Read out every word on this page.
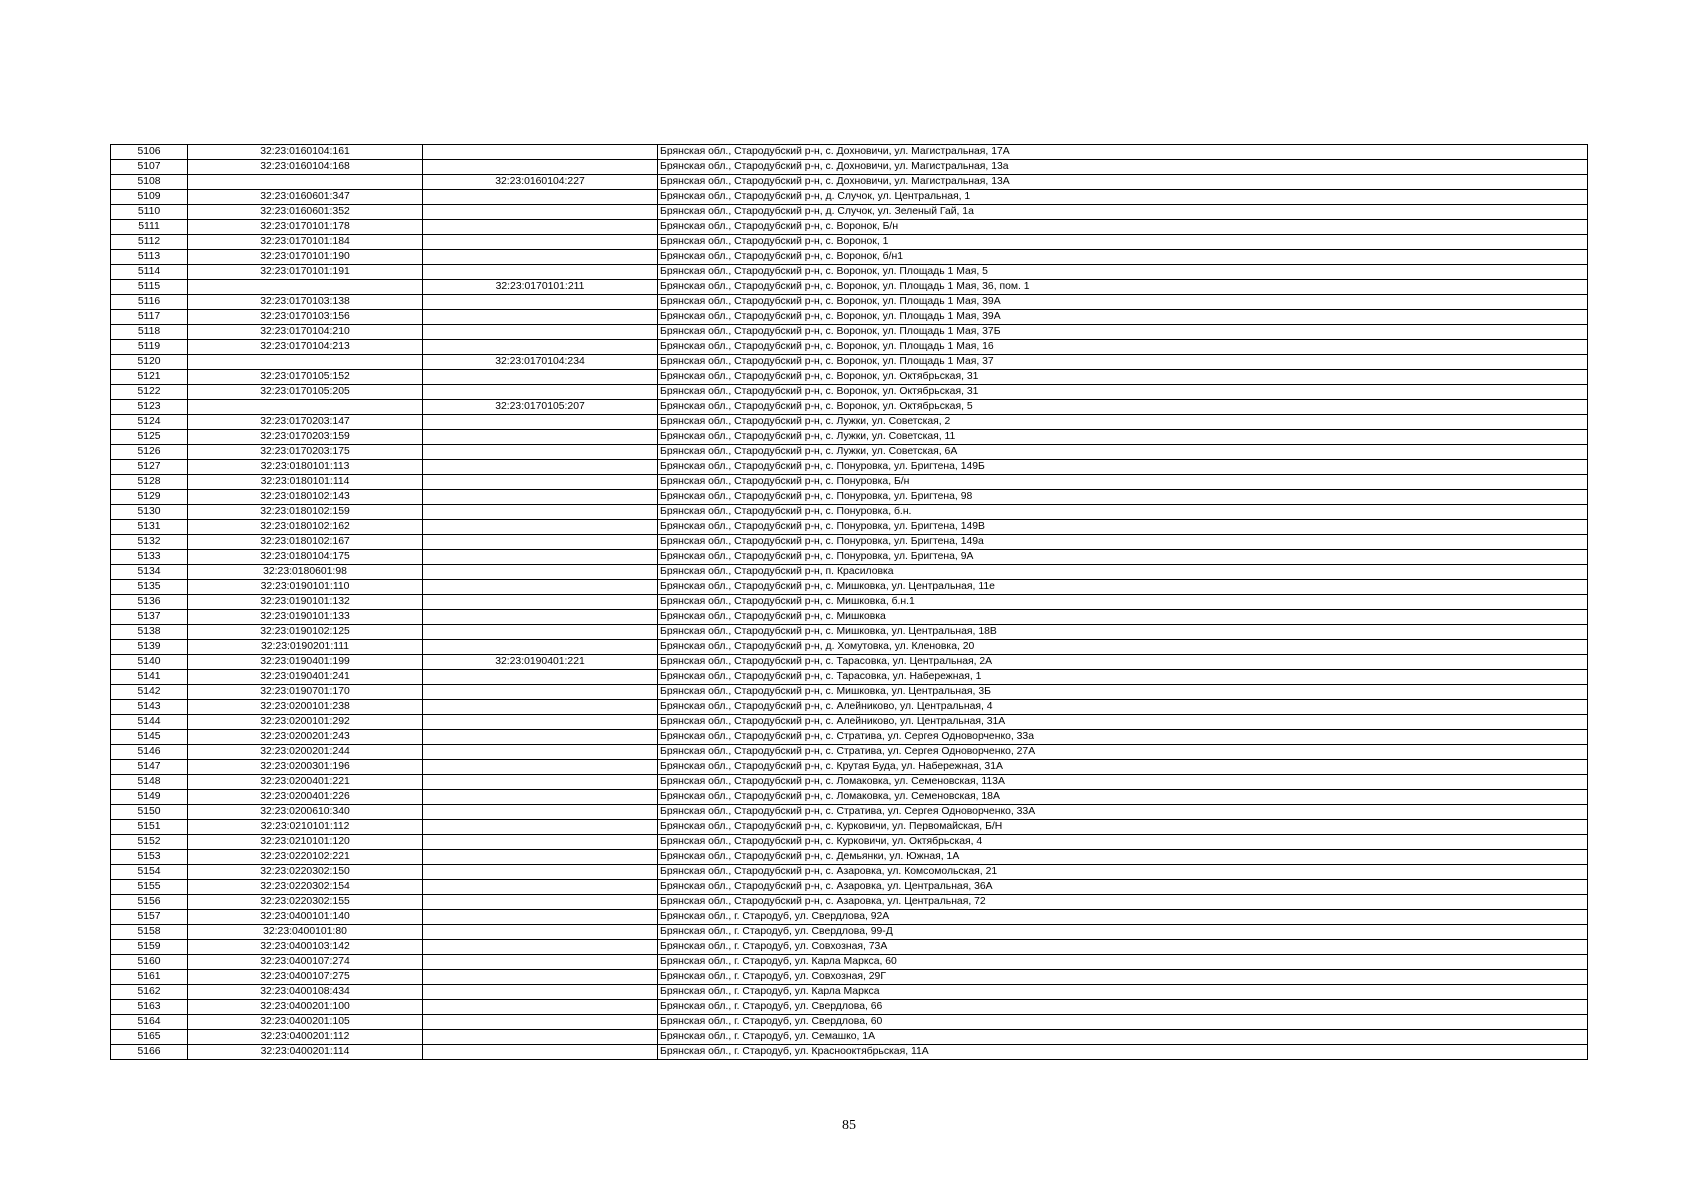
5106	32:23:0160104:161		Брянская обл., Стародубский р-н, с. Дохновичи, ул. Магистральная, 17А
5107	32:23:0160104:168		Брянская обл., Стародубский р-н, с. Дохновичи, ул. Магистральная, 13а
5108		32:23:0160104:227	Брянская обл., Стародубский р-н, с. Дохновичи, ул. Магистральная, 13А
5109	32:23:0160601:347		Брянская обл., Стародубский р-н, д. Случок, ул. Центральная, 1
5110	32:23:0160601:352		Брянская обл., Стародубский р-н, д. Случок, ул. Зеленый Гай, 1а
5111	32:23:0170101:178		Брянская обл., Стародубский р-н, с. Воронок, Б/н
5112	32:23:0170101:184		Брянская обл., Стародубский р-н, с. Воронок, 1
5113	32:23:0170101:190		Брянская обл., Стародубский р-н, с. Воронок, б/н1
5114	32:23:0170101:191		Брянская обл., Стародубский р-н, с. Воронок, ул. Площадь 1 Мая, 5
5115		32:23:0170101:211	Брянская обл., Стародубский р-н, с. Воронок, ул. Площадь 1 Мая, 36, пом. 1
5116	32:23:0170103:138		Брянская обл., Стародубский р-н, с. Воронок, ул. Площадь 1 Мая, 39А
5117	32:23:0170103:156		Брянская обл., Стародубский р-н, с. Воронок, ул. Площадь 1 Мая, 39А
5118	32:23:0170104:210		Брянская обл., Стародубский р-н, с. Воронок, ул. Площадь 1 Мая, 37Б
5119	32:23:0170104:213		Брянская обл., Стародубский р-н, с. Воронок, ул. Площадь 1 Мая, 16
5120		32:23:0170104:234	Брянская обл., Стародубский р-н, с. Воронок, ул. Площадь 1 Мая, 37
5121	32:23:0170105:152		Брянская обл., Стародубский р-н, с. Воронок, ул. Октябрьская, 31
5122	32:23:0170105:205		Брянская обл., Стародубский р-н, с. Воронок, ул. Октябрьская, 31
5123		32:23:0170105:207	Брянская обл., Стародубский р-н, с. Воронок, ул. Октябрьская, 5
5124	32:23:0170203:147		Брянская обл., Стародубский р-н, с. Лужки, ул. Советская, 2
5125	32:23:0170203:159		Брянская обл., Стародубский р-н, с. Лужки, ул. Советская, 11
5126	32:23:0170203:175		Брянская обл., Стародубский р-н, с. Лужки, ул. Советская, 6А
5127	32:23:0180101:113		Брянская обл., Стародубский р-н, с. Понуровка, ул. Бригтена, 149Б
5128	32:23:0180101:114		Брянская обл., Стародубский р-н, с. Понуровка, Б/н
5129	32:23:0180102:143		Брянская обл., Стародубский р-н, с. Понуровка, ул. Бригтена, 98
5130	32:23:0180102:159		Брянская обл., Стародубский р-н, с. Понуровка, б.н.
5131	32:23:0180102:162		Брянская обл., Стародубский р-н, с. Понуровка, ул. Бригтена, 149В
5132	32:23:0180102:167		Брянская обл., Стародубский р-н, с. Понуровка, ул. Бригтена, 149а
5133	32:23:0180104:175		Брянская обл., Стародубский р-н, с. Понуровка, ул. Бригтена, 9А
5134	32:23:0180601:98		Брянская обл., Стародубский р-н, п. Красиловка
5135	32:23:0190101:110		Брянская обл., Стародубский р-н, с. Мишковка, ул. Центральная, 11е
5136	32:23:0190101:132		Брянская обл., Стародубский р-н, с. Мишковка, б.н.1
5137	32:23:0190101:133		Брянская обл., Стародубский р-н, с. Мишковка
5138	32:23:0190102:125		Брянская обл., Стародубский р-н, с. Мишковка, ул. Центральная, 18В
5139	32:23:0190201:111		Брянская обл., Стародубский р-н, д. Хомутовка, ул. Кленовка, 20
5140	32:23:0190401:199	32:23:0190401:221	Брянская обл., Стародубский р-н, с. Тарасовка, ул. Центральная, 2А
5141	32:23:0190401:241		Брянская обл., Стародубский р-н, с. Тарасовка, ул. Набережная, 1
5142	32:23:0190701:170		Брянская обл., Стародубский р-н, с. Мишковка, ул. Центральная, 3Б
5143	32:23:0200101:238		Брянская обл., Стародубский р-н, с. Алейниково, ул. Центральная, 4
5144	32:23:0200101:292		Брянская обл., Стародубский р-н, с. Алейниково, ул. Центральная, 31А
5145	32:23:0200201:243		Брянская обл., Стародубский р-н, с. Стратива, ул. Сергея Одноворченко, 33а
5146	32:23:0200201:244		Брянская обл., Стародубский р-н, с. Стратива, ул. Сергея Одноворченко, 27А
5147	32:23:0200301:196		Брянская обл., Стародубский р-н, с. Крутая Буда, ул. Набережная, 31А
5148	32:23:0200401:221		Брянская обл., Стародубский р-н, с. Ломаковка, ул. Семеновская, 113А
5149	32:23:0200401:226		Брянская обл., Стародубский р-н, с. Ломаковка, ул. Семеновская, 18А
5150	32:23:0200610:340		Брянская обл., Стародубский р-н, с. Стратива, ул. Сергея Одноворченко, 33А
5151	32:23:0210101:112		Брянская обл., Стародубский р-н, с. Курковичи, ул. Первомайская, Б/Н
5152	32:23:0210101:120		Брянская обл., Стародубский р-н, с. Курковичи, ул. Октябрьская, 4
5153	32:23:0220102:221		Брянская обл., Стародубский р-н, с. Демьянки, ул. Южная, 1А
5154	32:23:0220302:150		Брянская обл., Стародубский р-н, с. Азаровка, ул. Комсомольская, 21
5155	32:23:0220302:154		Брянская обл., Стародубский р-н, с. Азаровка, ул. Центральная, 36А
5156	32:23:0220302:155		Брянская обл., Стародубский р-н, с. Азаровка, ул. Центральная, 72
5157	32:23:0400101:140		Брянская обл., г. Стародуб, ул. Свердлова, 92А
5158	32:23:0400101:80		Брянская обл., г. Стародуб, ул. Свердлова, 99-Д
5159	32:23:0400103:142		Брянская обл., г. Стародуб, ул. Совхозная, 73А
5160	32:23:0400107:274		Брянская обл., г. Стародуб, ул. Карла Маркса, 60
5161	32:23:0400107:275		Брянская обл., г. Стародуб, ул. Совхозная, 29Г
5162	32:23:0400108:434		Брянская обл., г. Стародуб, ул. Карла Маркса
5163	32:23:0400201:100		Брянская обл., г. Стародуб, ул. Свердлова, 66
5164	32:23:0400201:105		Брянская обл., г. Стародуб, ул. Свердлова, 60
5165	32:23:0400201:112		Брянская обл., г. Стародуб, ул. Семашко, 1А
5166	32:23:0400201:114		Брянская обл., г. Стародуб, ул. Краснооктябрьская, 11А
85
